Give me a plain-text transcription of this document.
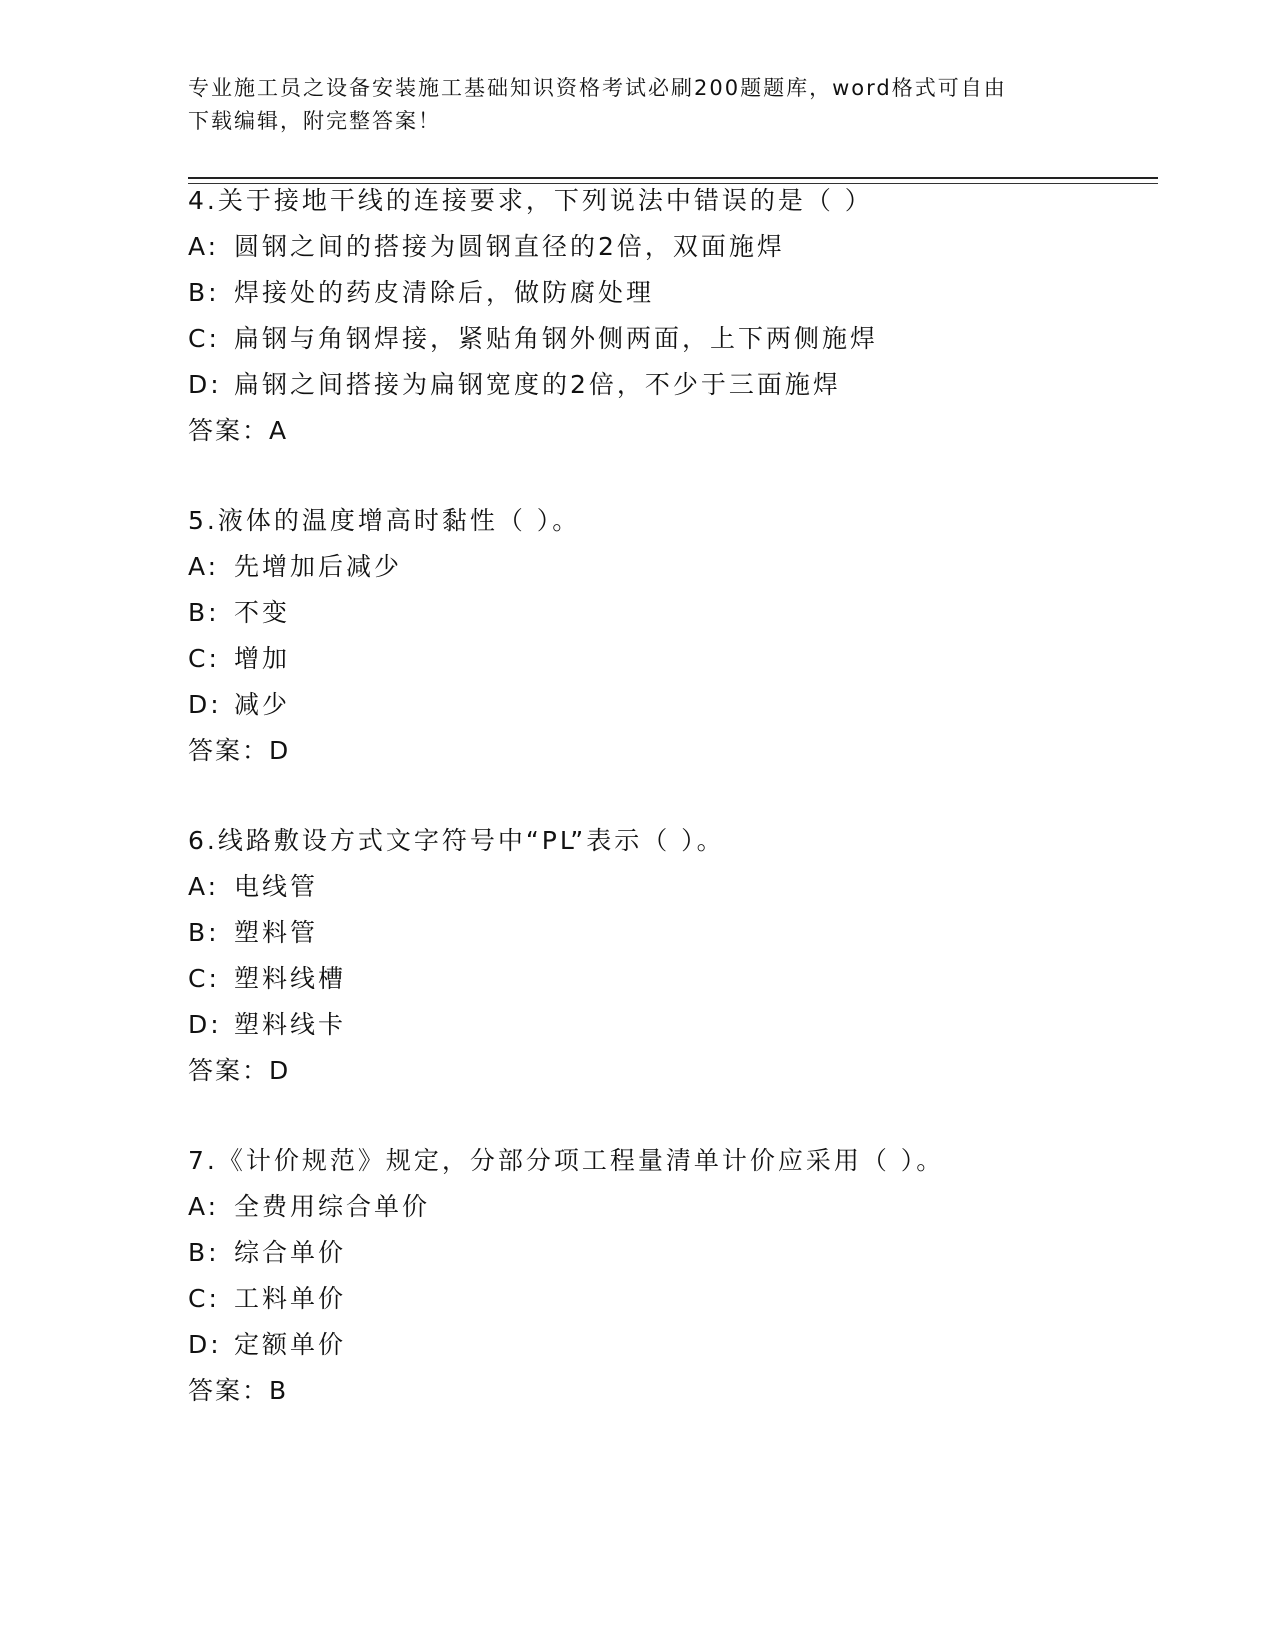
专业施工员之设备安装施工基础知识资格考试必刷200题题库，word格式可自由
下载编辑，附完整答案！
4.关于接地干线的连接要求，下列说法中错误的是（ ）
A: 圆钢之间的搭接为圆钢直径的2倍，双面施焊
B: 焊接处的药皮清除后，做防腐处理
C: 扁钢与角钢焊接，紧贴角钢外侧两面，上下两侧施焊
D: 扁钢之间搭接为扁钢宽度的2倍，不少于三面施焊
答案：A
5.液体的温度增高时黏性（ ）。
A: 先增加后减少
B: 不变
C: 增加
D: 减少
答案：D
6.线路敷设方式文字符号中“PL”表示（ ）。
A: 电线管
B: 塑料管
C: 塑料线槽
D: 塑料线卡
答案：D
7.《计价规范》规定，分部分项工程量清单计价应采用（ ）。
A: 全费用综合单价
B: 综合单价
C: 工料单价
D: 定额单价
答案：B
